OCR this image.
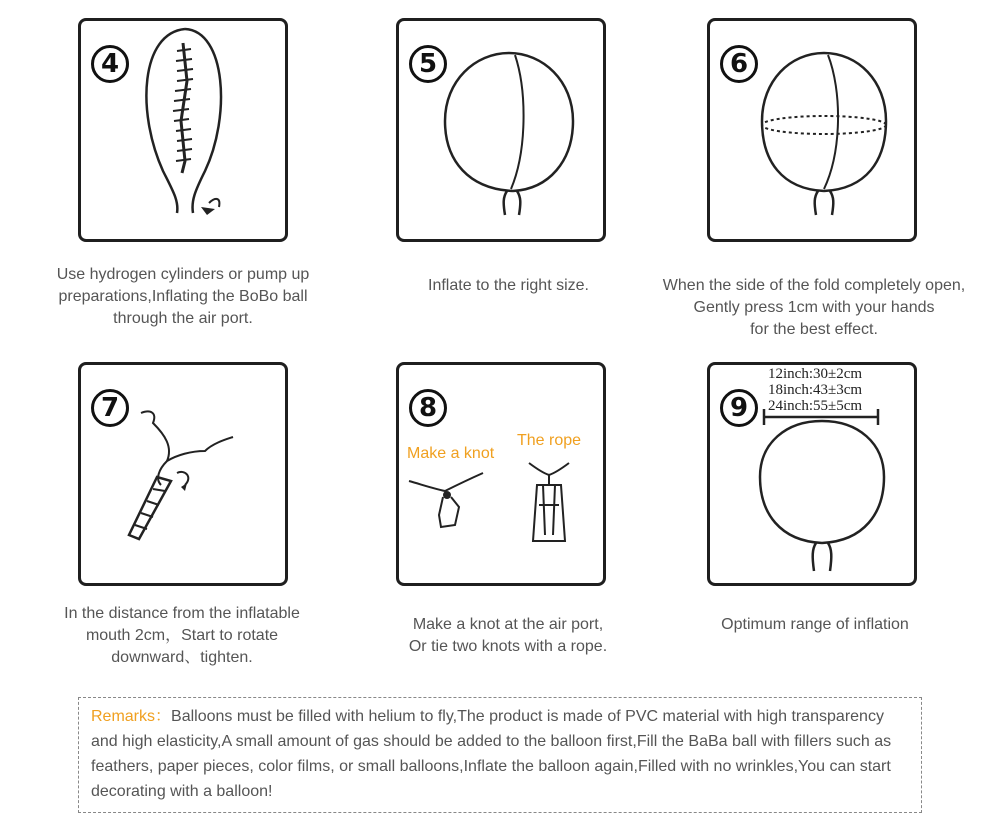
4
Use hydrogen cylinders or pump up
preparations,Inflating the BoBo ball
through the air port.
5
Inflate to the right size.
6
When the side of the fold completely open,
Gently press 1cm with your hands
for the best effect.
7
In the distance from the inflatable
mouth 2cm，Start to rotate
downward、tighten.
8
Make a knot
The rope
Make a knot at the air port,
Or tie two knots with a rope.
9
12inch:30±2cm
18inch:43±3cm
24inch:55±5cm
Optimum range of inflation
Remarks：Balloons must be filled with helium to fly,The product is made of PVC material with high transparency and high elasticity,A small amount of gas should be added to the balloon first,Fill the BaBa ball with fillers such as feathers, paper pieces, color films, or small balloons,Inflate the balloon again,Filled with no wrinkles,You can start decorating with a balloon!
